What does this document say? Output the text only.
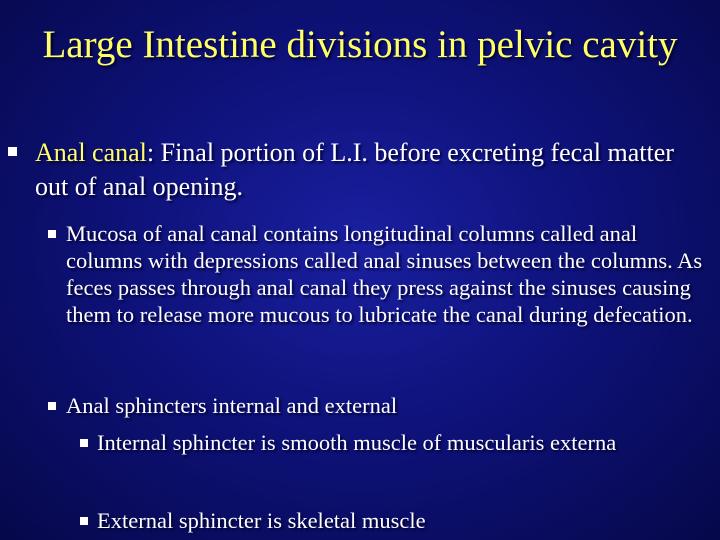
Large Intestine divisions in pelvic cavity
Anal canal: Final portion of L.I. before excreting fecal matter out of anal opening.
Mucosa of anal canal contains longitudinal columns called anal columns with depressions called anal sinuses between the columns. As feces passes through anal canal they press against the sinuses causing them to release more mucous to lubricate the canal during defecation.
Anal sphincters internal and external
Internal sphincter is smooth muscle of muscularis externa
External sphincter is skeletal muscle
